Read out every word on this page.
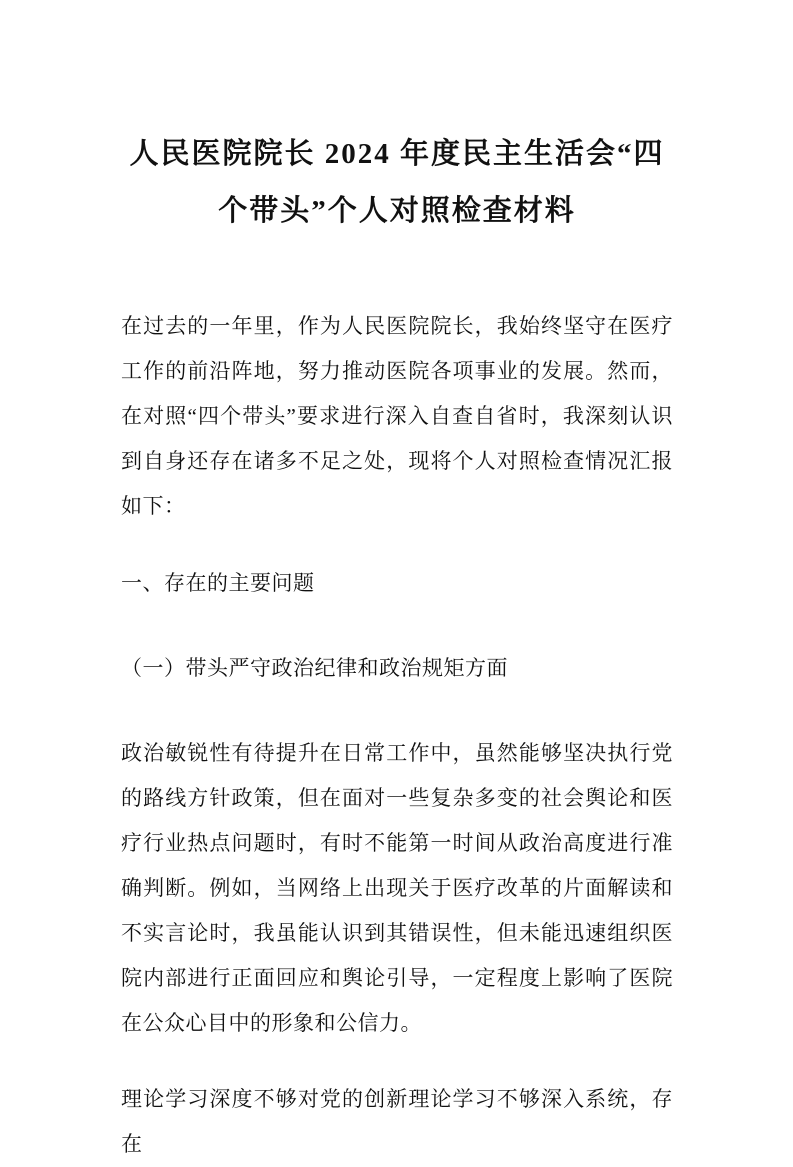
人民医院院长 2024 年度民主生活会“四个带头”个人对照检查材料

在过去的一年里，作为人民医院院长，我始终坚守在医疗工作的前沿阵地，努力推动医院各项事业的发展。然而，在对照“四个带头”要求进行深入自查自省时，我深刻认识到自身还存在诸多不足之处，现将个人对照检查情况汇报如下：

一、存在的主要问题

（一）带头严守政治纪律和政治规矩方面

政治敏锐性有待提升在日常工作中，虽然能够坚决执行党的路线方针政策，但在面对一些复杂多变的社会舆论和医疗行业热点问题时，有时不能第一时间从政治高度进行准确判断。例如，当网络上出现关于医疗改革的片面解读和不实言论时，我虽能认识到其错误性，但未能迅速组织医院内部进行正面回应和舆论引导，一定程度上影响了医院在公众心目中的形象和公信力。

理论学习深度不够对党的创新理论学习不够深入系统，存在
